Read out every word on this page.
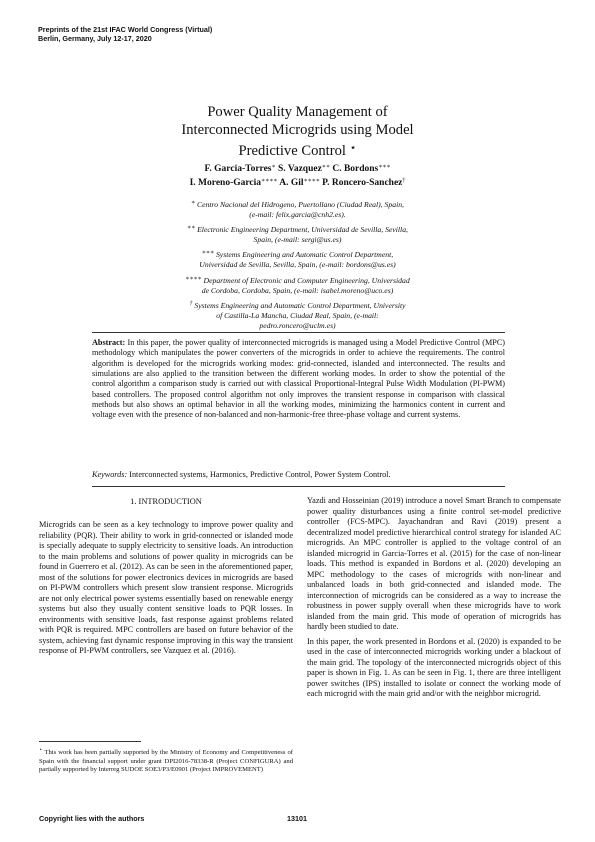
Preprints of the 21st IFAC World Congress (Virtual)
Berlin, Germany, July 12-17, 2020
Power Quality Management of
Interconnected Microgrids using Model
Predictive Control ⋆
F. Garcia-Torres∗ S. Vazquez∗∗ C. Bordons∗∗∗
I. Moreno-Garcia∗∗∗∗ A. Gil∗∗∗∗ P. Roncero-Sanchez†
∗ Centro Nacional del Hidrogeno, Puertollano (Ciudad Real), Spain,
(e-mail: felix.garcia@cnh2.es).
∗∗ Electronic Engineering Department, Universidad de Sevilla, Sevilla,
Spain, (e-mail: sergi@us.es)
∗∗∗ Systems Engineering and Automatic Control Department,
Universidad de Sevilla, Sevilla, Spain, (e-mail: bordons@us.es)
∗∗∗∗ Department of Electronic and Computer Engineering, Universidad
de Cordoba, Cordoba, Spain, (e-mail: isabel.moreno@uco.es)
† Systems Engineering and Automatic Control Department, University
of Castilla-La Mancha, Ciudad Real, Spain, (e-mail:
pedro.roncero@uclm.es)
Abstract: In this paper, the power quality of interconnected microgrids is managed using a Model Predictive Control (MPC) methodology which manipulates the power converters of the microgrids in order to achieve the requirements. The control algorithm is developed for the microgrids working modes: grid-connected, islanded and interconnected. The results and simulations are also applied to the transition between the different working modes. In order to show the potential of the control algorithm a comparison study is carried out with classical Proportional-Integral Pulse Width Modulation (PI-PWM) based controllers. The proposed control algorithm not only improves the transient response in comparison with classical methods but also shows an optimal behavior in all the working modes, minimizing the harmonics content in current and voltage even with the presence of non-balanced and non-harmonic-free three-phase voltage and current systems.
Keywords: Interconnected systems, Harmonics, Predictive Control, Power System Control.
1. INTRODUCTION

Microgrids can be seen as a key technology to improve power quality and reliability (PQR). Their ability to work in grid-connected or islanded mode is specially adequate to supply electricity to sensitive loads. An introduction to the main problems and solutions of power quality in microgrids can be found in Guerrero et al. (2012). As can be seen in the aforementioned paper, most of the solutions for power electronics devices in microgrids are based on PI-PWM controllers which present slow transient response. Microgrids are not only electrical power systems essentially based on renewable energy systems but also they usually content sensitive loads to PQR losses. In environments with sensitive loads, fast response against problems related with PQR is required. MPC controllers are based on future behavior of the system, achieving fast dynamic response improving in this way the transient response of PI-PWM controllers, see Vazquez et al. (2016).

Yazdi and Hosseinian (2019) introduce a novel Smart Branch to compensate power quality disturbances using a finite control set-model predictive controller (FCS-MPC). Jayachandran and Ravi (2019) present a decentralized model predictive hierarchical control strategy for islanded AC microgrids. An MPC controller is applied to the voltage control of an islanded microgrid in Garcia-Torres et al. (2015) for the case of non-linear loads. This method is expanded in Bordons et al. (2020) developing an MPC methodology to the cases of microgrids with non-linear and unbalanced loads in both grid-connected and islanded mode. The interconnection of microgrids can be considered as a way to increase the robustness in power supply overall when these microgrids have to work islanded from the main grid. This mode of operation of microgrids has hardly been studied to date.

In this paper, the work presented in Bordons et al. (2020) is expanded to be used in the case of interconnected microgrids working under a blackout of the main grid. The topology of the interconnected microgrids object of this paper is shown in Fig. 1. As can be seen in Fig. 1, there are three intelligent power switches (IPS) installed to isolate or connect the working mode of each microgrid with the main grid and/or with the neighbor microgrid.

⋆ This work has been partially supported by the Ministry of Economy and Competitiveness of Spain with the financial support under grant DPI2016-78338-R (Project CONFIGURA) and partially supported by Interreg SUDOE SOE3/P3/E0901 (Project IMPROVEMENT)
Copyright lies with the authors	13101
